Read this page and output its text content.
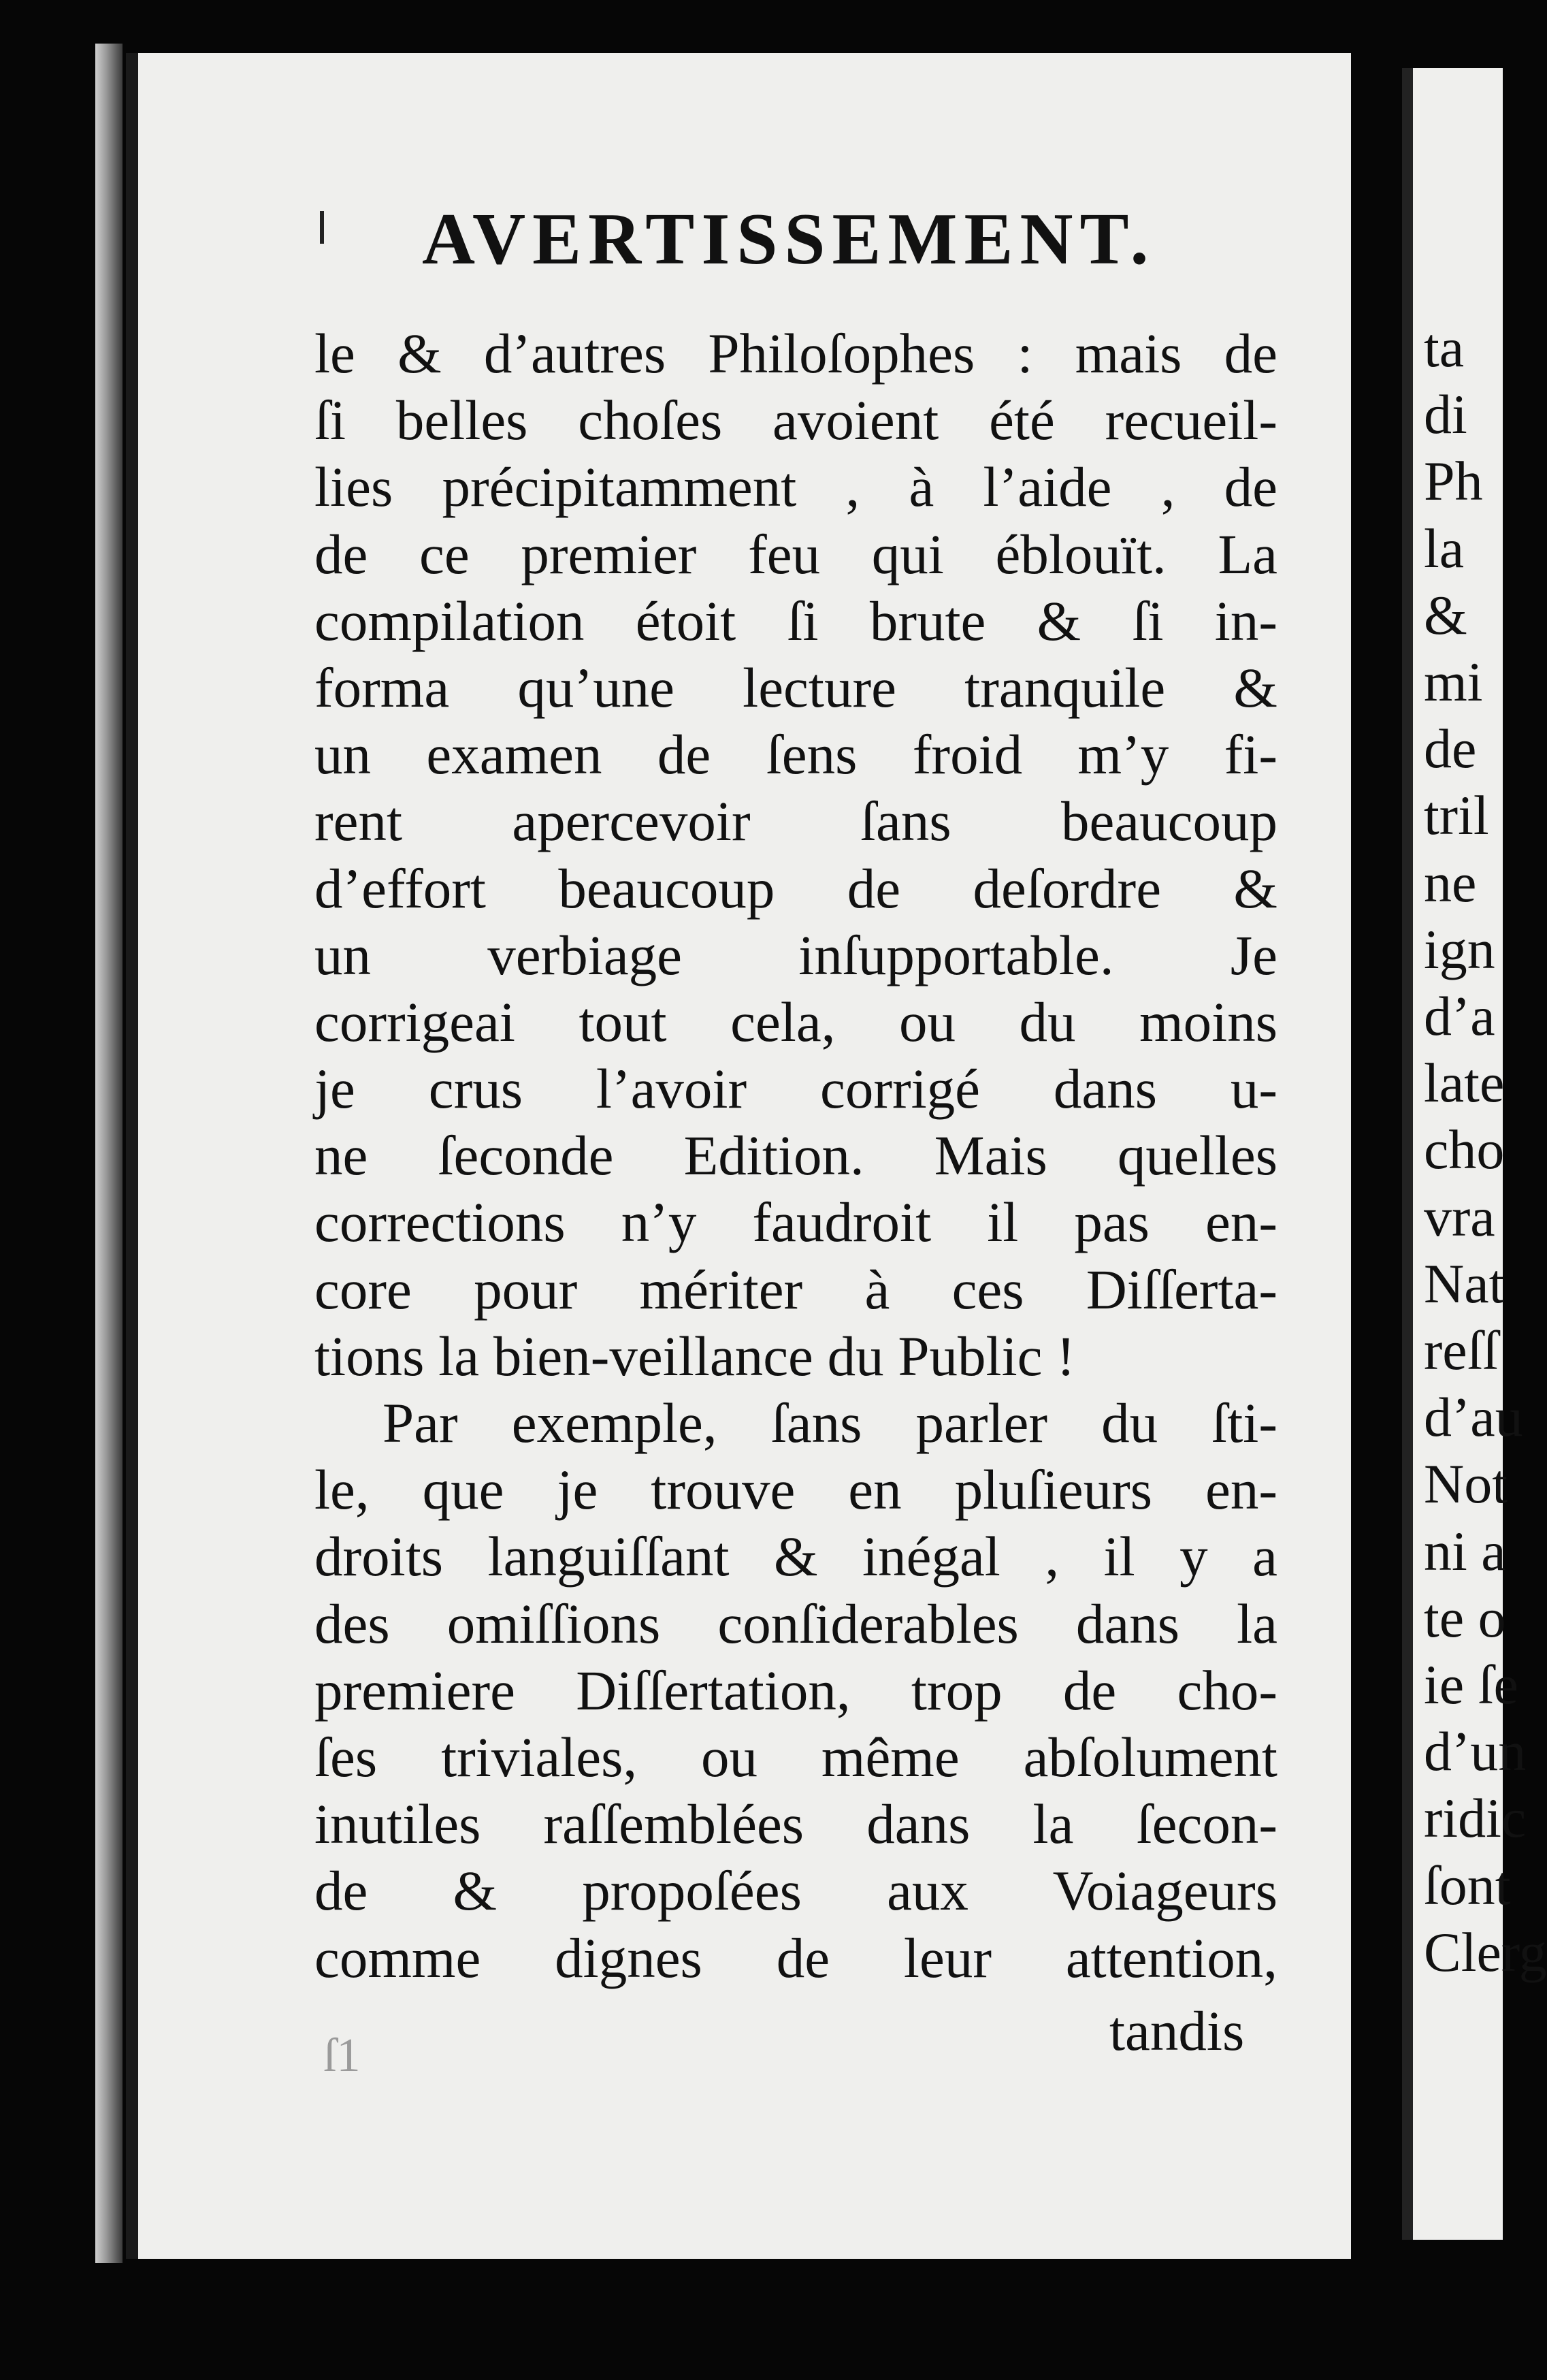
AVERTISSEMENT.
le & d’autres Philoſophes : mais de
ſi belles choſes avoient été recueil-
lies précipitamment , à l’aide , de
de ce premier feu qui éblouït. La
compilation étoit ſi brute & ſi in-
forma qu’une lecture tranquile &
un examen de ſens froid m’y fi-
rent apercevoir ſans beaucoup
d’effort beaucoup de deſordre &
un verbiage inſupportable. Je
corrigeai tout cela, ou du moins
je crus l’avoir corrigé dans u-
ne ſeconde Edition. Mais quelles
corrections n’y faudroit il pas en-
core pour mériter à ces Diſſerta-
tions la bien-veillance du Public !
Par exemple, ſans parler du ſti-
le, que je trouve en pluſieurs en-
droits languiſſant & inégal , il y a
des omiſſions conſiderables dans la
premiere Diſſertation, trop de cho-
ſes triviales, ou même abſolument
inutiles raſſemblées dans la ſecon-
de & propoſées aux Voiageurs
comme dignes de leur attention,
ſ1	tandis
ta
di
Ph
la
&
mi
de
tril
ne
ign
d’a
late
cho
vra
Nat
reſſ
d’au
Not
ni a
te o
ie ſe
d’un
ridic
ſont
Clerg
